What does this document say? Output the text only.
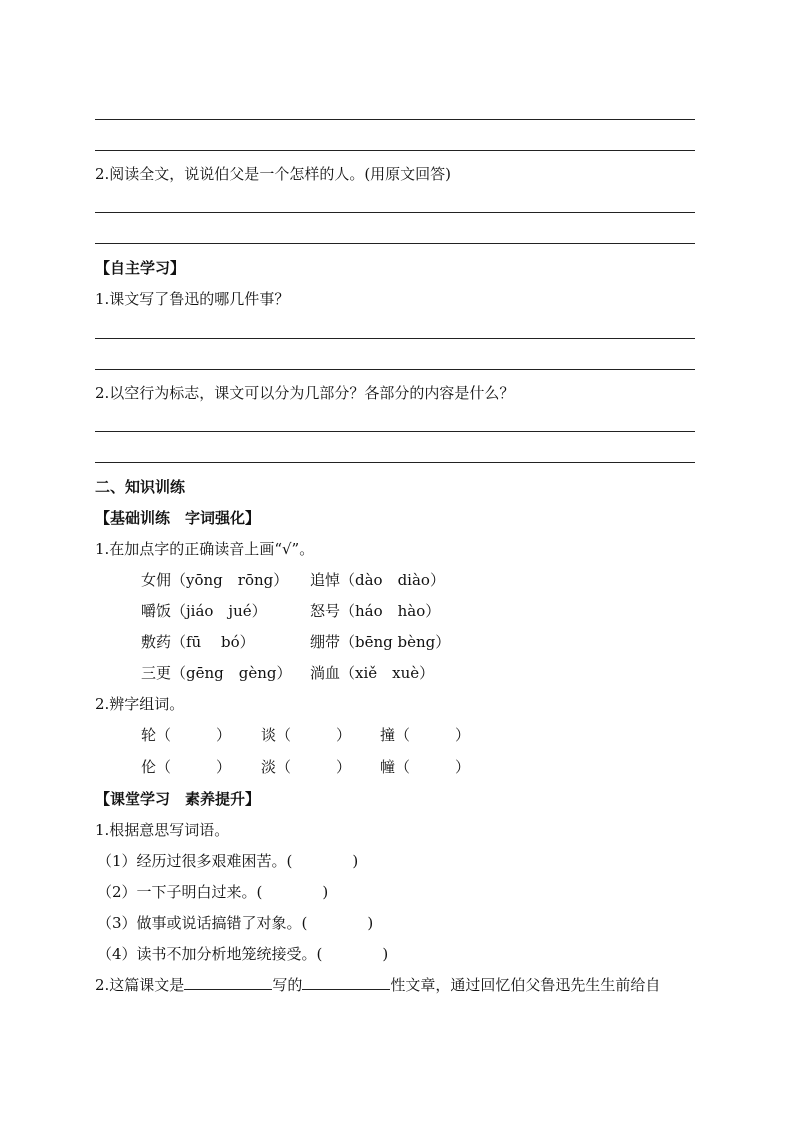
2.阅读全文，说说伯父是一个怎样的人。(用原文回答)
【自主学习】
1.课文写了鲁迅的哪几件事？
2.以空行为标志，课文可以分为几部分？各部分的内容是什么？
二、知识训练
【基础训练　字词强化】
1.在加点字的正确读音上画“√”。
女佣（yōng　rōng） 追悼（dào　diào）
嚼饭（jiáo　jué）	怒号（háo　hào）
敷药（fū　 bó）	绷带（bēng bèng）
三更（gēng　gèng） 淌血（xiě　xuè）
2.辨字组词。
轮（　　　） 谈（　　　） 撞（　　　）
伦（　　　） 淡（　　　） 幢（　　　）
【课堂学习　素养提升】
1.根据意思写词语。
（1）经历过很多艰难困苦。(　　　　)
（2）一下子明白过来。(　　　　)
（3）做事或说话搞错了对象。(　　　　)
（4）读书不加分析地笼统接受。(　　　　)
2.这篇课文是	写的	性文章，通过回忆伯父鲁迅先生生前给自
